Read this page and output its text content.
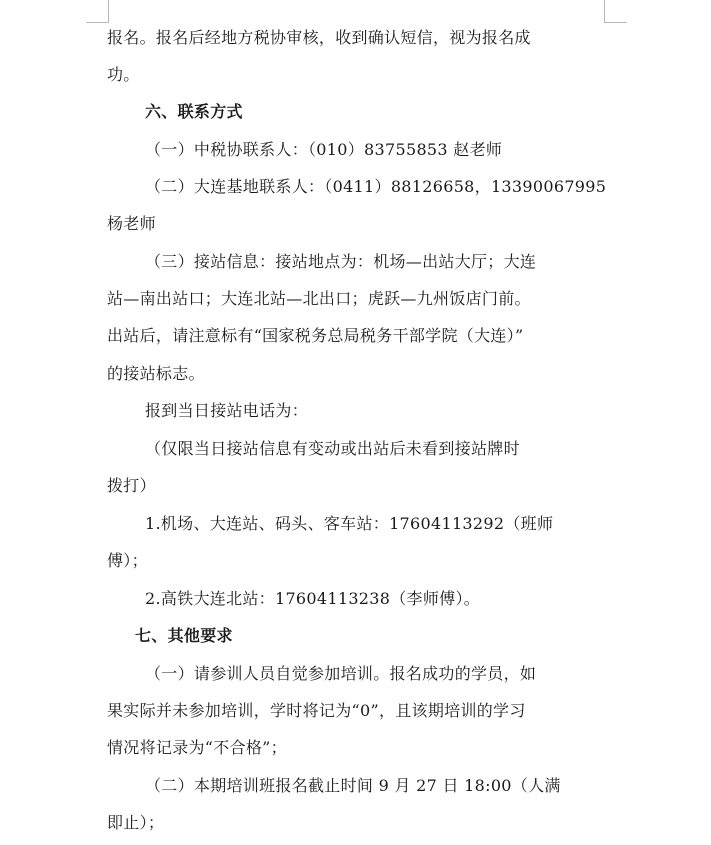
报名。报名后经地方税协审核，收到确认短信，视为报名成
功。
六、联系方式
（一）中税协联系人：（010）83755853 赵老师
（二）大连基地联系人：（0411）88126658，13390067995
杨老师
（三）接站信息：接站地点为：机场—出站大厅；大连
站—南出站口；大连北站—北出口；虎跃—九州饭店门前。
出站后，请注意标有“国家税务总局税务干部学院（大连）”
的接站标志。
报到当日接站电话为：
（仅限当日接站信息有变动或出站后未看到接站牌时
拨打）
1.机场、大连站、码头、客车站：17604113292（班师
傅）；
2.高铁大连北站：17604113238（李师傅）。
七、其他要求
（一）请参训人员自觉参加培训。报名成功的学员，如
果实际并未参加培训，学时将记为“0”，且该期培训的学习
情况将记录为“不合格”；
（二）本期培训班报名截止时间 9 月 27 日 18:00（人满
即止）；
